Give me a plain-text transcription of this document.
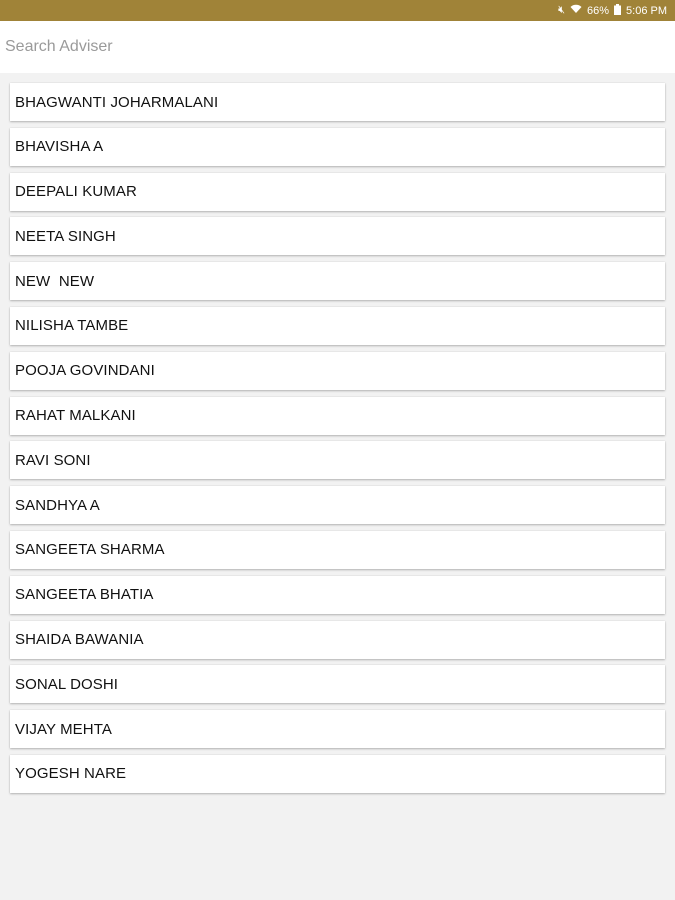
🔇︎ 66% 5:06 PM
Search Adviser
BHAGWANTI JOHARMALANI
BHAVISHA A
DEEPALI KUMAR
NEETA SINGH
NEW  NEW
NILISHA TAMBE
POOJA GOVINDANI
RAHAT MALKANI
RAVI SONI
SANDHYA A
SANGEETA SHARMA
SANGEETA BHATIA
SHAIDA BAWANIA
SONAL DOSHI
VIJAY MEHTA
YOGESH NARE
